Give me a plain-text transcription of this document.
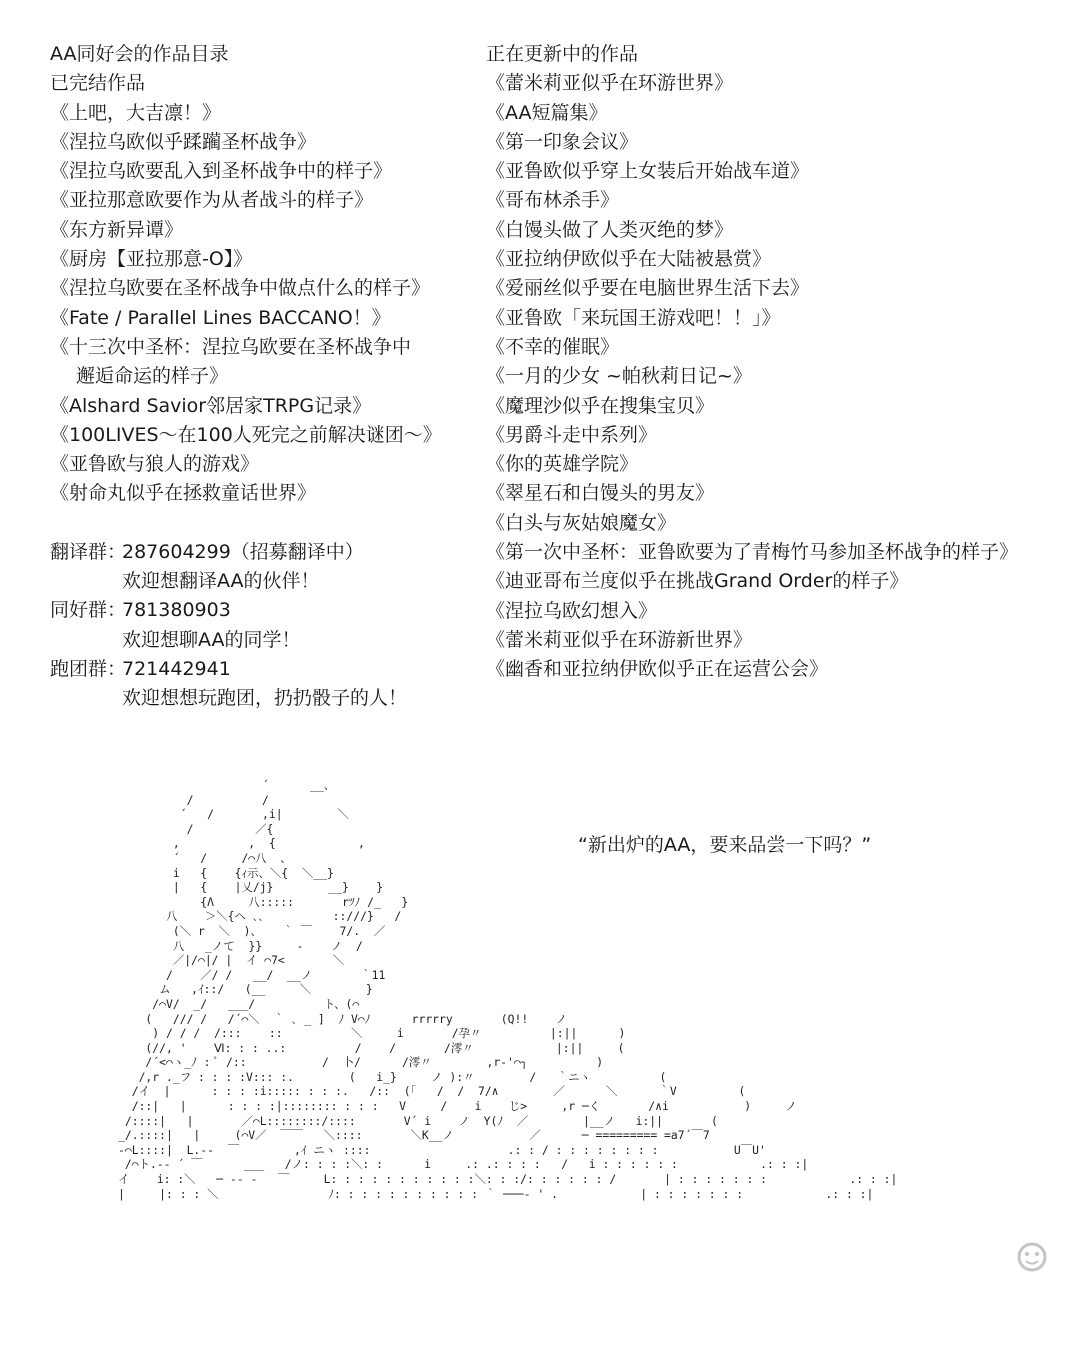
AA同好会的作品目录
已完结作品
《上吧，大吉凛！》
《涅拉乌欧似乎蹂躏圣杯战争》
《涅拉乌欧要乱入到圣杯战争中的样子》
《亚拉那意欧要作为从者战斗的样子》
《东方新异谭》
《厨房【亚拉那意-O】》
《涅拉乌欧要在圣杯战争中做点什么的样子》
《Fate / Parallel Lines BACCANO！》
《十三次中圣杯：涅拉乌欧要在圣杯战争中
邂逅命运的样子》
《Alshard Savior邻居家TRPG记录》
《100LIVES～在100人死完之前解决谜团～》
《亚鲁欧与狼人的游戏》
《射命丸似乎在拯救童话世界》
翻译群：287604299（招募翻译中）
欢迎想翻译AA的伙伴！
同好群：781380903
欢迎想聊AA的同学！
跑团群：721442941
欢迎想想玩跑团，扔扔骰子的人！
正在更新中的作品
《蕾米莉亚似乎在环游世界》
《AA短篇集》
《第一印象会议》
《亚鲁欧似乎穿上女装后开始战车道》
《哥布林杀手》
《白馒头做了人类灭绝的梦》
《亚拉纳伊欧似乎在大陆被悬赏》
《爱丽丝似乎要在电脑世界生活下去》
《亚鲁欧「来玩国王游戏吧！！」》
《不幸的催眠》
《一月的少女 ~帕秋莉日记~》
《魔理沙似乎在搜集宝贝》
《男爵斗走中系列》
《你的英雄学院》
《翠星石和白馒头的男友》
《白头与灰姑娘魔女》
《第一次中圣杯：亚鲁欧要为了青梅竹马参加圣杯战争的样子》
《迪亚哥布兰度似乎在挑战Grand Order的样子》
《涅拉乌欧幻想入》
《蕾米莉亚似乎在环游新世界》
《幽香和亚拉纳伊欧似乎正在运营公会》
´      __、
/          /
´   /       ,i|        ＼
/         ／{
,          ,  {            ,
´   /     /⌒八  、
i   {    {ｨ示、＼{  ＼__}
|   {    |乂/j}        __}    }
{Λ     八:::::       rﾂﾉ /_   }
八    ＞＼{ヘ ､､          ::///}   /
(＼ r  ＼  )、   ｀ ￣    7/.  ／
八   _ノて  }}     ‐    ノ  /
／|/⌒|/ |  イ ⌒7<       ＼
/    ／/ /   __/  __ノ       ｀11
ム   ,ｲ::/   (__     ＼        }
/⌒V/  _/   ___/          ト、(⌒
(   /// /   /´⌒＼  ｀ ､ _ ]  ﾉ V⌒ﾉ      rrrrry       (Q!!    ノ
) / / /  /:::    ::          ＼     i       /孕〃          |:||      )
(//, '    Ⅵ: : : ..:          /    /       /澪〃            |:||     (
/´<⌒ヽ_ﾉ : ﾟ /::           /  卜/      /澪〃        ,r‐'⌒┐          )
/,r ._フ : : : :V::: :.        (   i_}     ノ ):〃        /   ｀ニヽ          (
/イ  |      : : : :i::::: : : :.   /::  (「   /  /  7/∧        ／      ＼      ｀V         (
/::|   |      : : : :|:::::::: : : :   V     /    i    じ>     ,r ─く       /∧i           )     ノ
/::::|   |       ／⌒L::::::::/::::       V´ i    ノ  Y(ﾉ  ／        |__ノ   i:||       (
_/.::::|   |     (⌒V／  ￣￣   ＼::::       ＼K__ノ           ／      ─ ========= =a7´￣7
‐⌒L::::|  L.-‐  ￣        ,ｲ ニヽ ::::                    .: : / : : : : : : : :           U￣U'
/⌒ト.-‐ ´ ￣      ___   /ノ: : : :＼: :      i     .: .: : : :   /   i : : : : : :            .: : :|
イ    i: :＼   ─ ‐‐ -   ￣     L: : : : : : : : : : :＼: : :/: : : : : : /       | : : : : : : :            .: : :|
|     |: : : ＼                ﾉ: : : : : : : : : : : ｀ ───‐ ' .            | : : : : : : :            .: : :|
“新出炉的AA，要来品尝一下吗？”
